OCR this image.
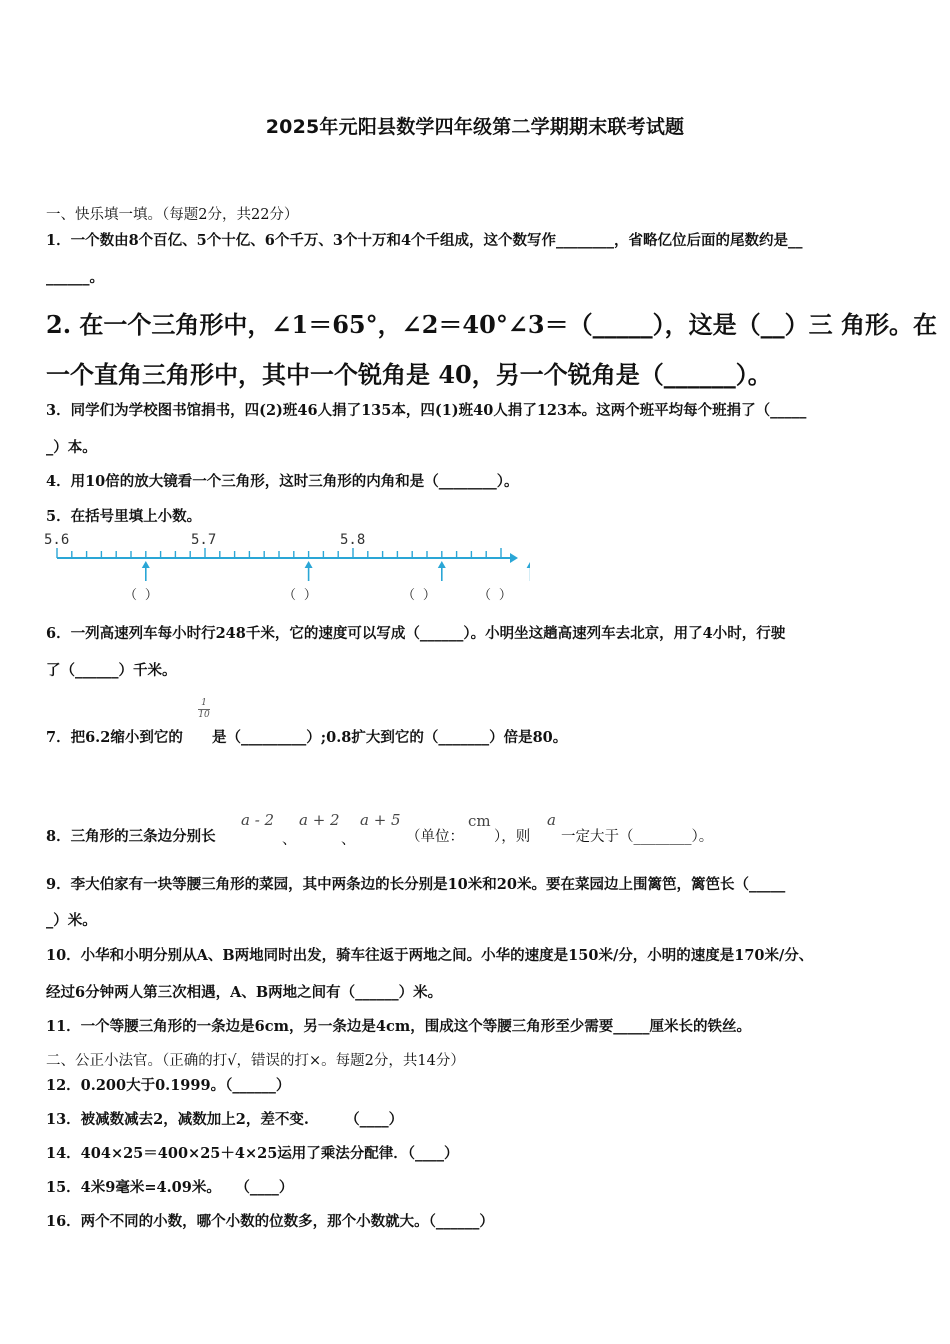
2025年元阳县数学四年级第二学期期末联考试题
一、快乐填一填。（每题2分，共22分）
1．一个数由8个百亿、5个十亿、6个千万、3个十万和4个千组成，这个数写作________，省略亿位后面的尾数约是__
______。
2. 在一个三角形中，∠1＝65°，∠2＝40°∠3＝（_____），这是（__）三 角形。在
一个直角三角形中，其中一个锐角是 40，另一个锐角是（______）。
3．同学们为学校图书馆捐书，四(2)班46人捐了135本，四(1)班40人捐了123本。这两个班平均每个班捐了（_____
_）本。
4．用10倍的放大镜看一个三角形，这时三角形的内角和是（________）。
5．在括号里填上小数。
5.6	5.7	5.8
（ ）	（ ）	（ ）	（ ）
6．一列高速列车每小时行248千米，它的速度可以写成（______）。小明坐这趟高速列车去北京，用了4小时，行驶
了（______）千米。
7．把6.2缩小到它的
1
10
是（_________）;0.8扩大到它的（_______）倍是80。
8．三角形的三条边分别长
a - 2
、
a + 2
、
a + 5
（单位：
cm
），则
a
一定大于（________）。
9．李大伯家有一块等腰三角形的菜园，其中两条边的长分别是10米和20米。要在菜园边上围篱笆，篱笆长（_____
_）米。
10．小华和小明分别从A、B两地同时出发，骑车往返于两地之间。小华的速度是150米/分，小明的速度是170米/分、
经过6分钟两人第三次相遇，A、B两地之间有（______）米。
11．一个等腰三角形的一条边是6cm，另一条边是4cm，围成这个等腰三角形至少需要_____厘米长的铁丝。
二、公正小法官。（正确的打√，错误的打×。每题2分，共14分）
12．0.200大于0.1999。（______）
13．被减数减去2，减数加上2，差不变.　　　（____）
14．404×25＝400×25＋4×25运用了乘法分配律．（____）
15．4米9毫米=4.09米。　　（____）
16．两个不同的小数，哪个小数的位数多，那个小数就大。（______）
